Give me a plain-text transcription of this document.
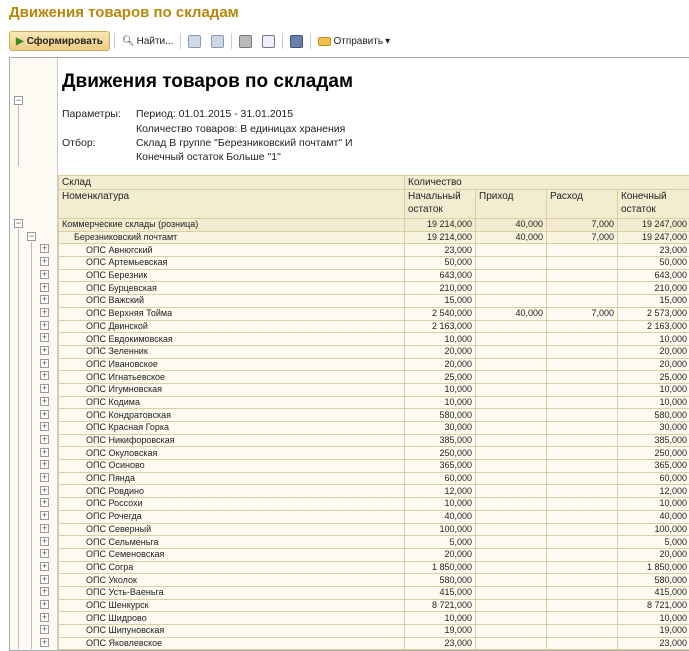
Движения товаров по складам
▶ Сформировать 🔍︎ Найти...	Отправить ▾
−
−
−
+
+
+
+
+
+
+
+
+
+
+
+
+
+
+
+
+
+
+
+
+
+
+
+
+
+
+
+
+
+
+
+
Движения товаров по складам
Параметры: Период: 01.01.2015 - 31.01.2015
Количество товаров: В единицах хранения
Отбор:	Склад В группе "Березниковский почтамт" И
Конечный остаток Больше "1"
Склад	Количество			
Номенклатура	Начальный остаток	Приход	Расход	Конечный остаток
Коммерческие склады (розница)	19 214,000	40,000	7,000	19 247,000
Березниковский почтамт	19 214,000	40,000	7,000	19 247,000
ОПС Авнюгский	23,000			23,000
ОПС Артемьевская	50,000			50,000
ОПС Березник	643,000			643,000
ОПС Бурцевская	210,000			210,000
ОПС Важский	15,000			15,000
ОПС Верхняя Тойма	2 540,000	40,000	7,000	2 573,000
ОПС Двинской	2 163,000			2 163,000
ОПС Евдокимовская	10,000			10,000
ОПС Зеленник	20,000			20,000
ОПС Ивановское	20,000			20,000
ОПС Игнатьевское	25,000			25,000
ОПС Игумновская	10,000			10,000
ОПС Кодима	10,000			10,000
ОПС Кондратовская	580,000			580,000
ОПС Красная Горка	30,000			30,000
ОПС Никифоровская	385,000			385,000
ОПС Окуловская	250,000			250,000
ОПС Осиново	365,000			365,000
ОПС Пянда	60,000			60,000
ОПС Ровдино	12,000			12,000
ОПС Россохи	10,000			10,000
ОПС Рочегда	40,000			40,000
ОПС Северный	100,000			100,000
ОПС Сельменьга	5,000			5,000
ОПС Семеновская	20,000			20,000
ОПС Согра	1 850,000			1 850,000
ОПС Уколок	580,000			580,000
ОПС Усть-Ваеньга	415,000			415,000
ОПС Шенкурск	8 721,000			8 721,000
ОПС Шидрово	10,000			10,000
ОПС Шипуновская	19,000			19,000
ОПС Яковлевское	23,000			23,000
